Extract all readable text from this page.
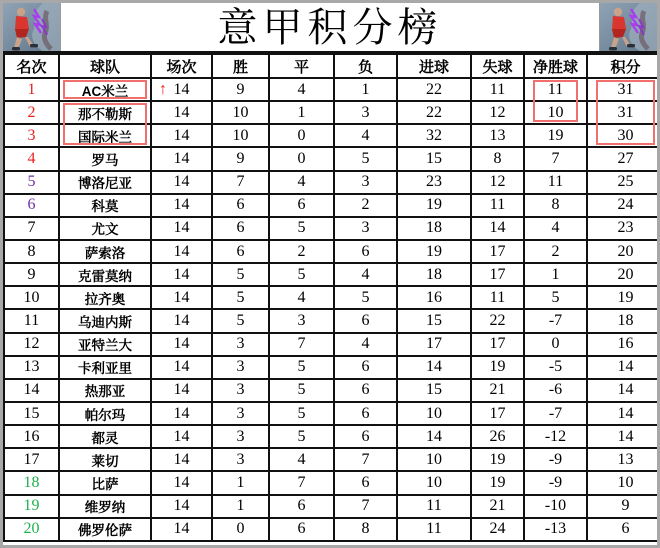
意甲积分榜
名次	球队	场次	胜	平	负	进球	失球	净胜球	积分
1	AC米兰	↑ 14	9	4	1	22	11	11	31
2	那不勒斯	14	10	1	3	22	12	10	31
3	国际米兰	14	10	0	4	32	13	19	30
4	罗马	14	9	0	5	15	8	7	27
5	博洛尼亚	14	7	4	3	23	12	11	25
6	科莫	14	6	6	2	19	11	8	24
7	尤文	14	6	5	3	18	14	4	23
8	萨索洛	14	6	2	6	19	17	2	20
9	克雷莫纳	14	5	5	4	18	17	1	20
10	拉齐奥	14	5	4	5	16	11	5	19
11	乌迪内斯	14	5	3	6	15	22	-7	18
12	亚特兰大	14	3	7	4	17	17	0	16
13	卡利亚里	14	3	5	6	14	19	-5	14
14	热那亚	14	3	5	6	15	21	-6	14
15	帕尔玛	14	3	5	6	10	17	-7	14
16	都灵	14	3	5	6	14	26	-12	14
17	莱切	14	3	4	7	10	19	-9	13
18	比萨	14	1	7	6	10	19	-9	10
19	维罗纳	14	1	6	7	11	21	-10	9
20	佛罗伦萨	14	0	6	8	11	24	-13	6
